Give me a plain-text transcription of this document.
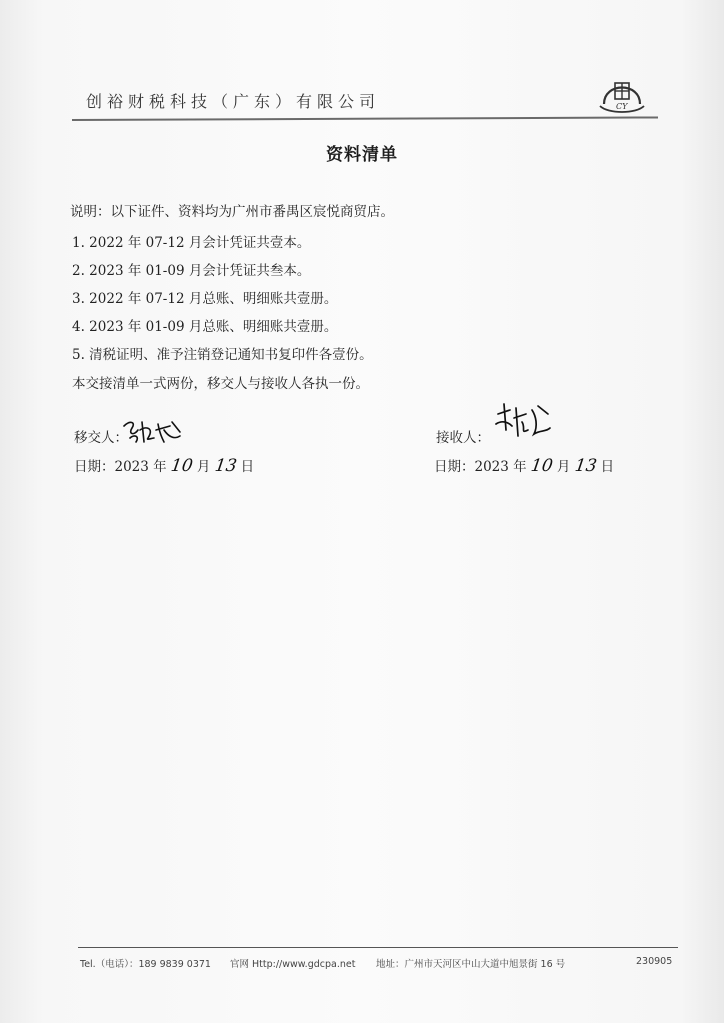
创裕财税科技（广东）有限公司	CY
资料清单
说明：以下证件、资料均为广州市番禺区宸悦商贸店。
1. 2022 年 07-12 月会计凭证共壹本。
2. 2023 年 01-09 月会计凭证共叁本。
3. 2022 年 07-12 月总账、明细账共壹册。
4. 2023 年 01-09 月总账、明细账共壹册。
5. 清税证明、准予注销登记通知书复印件各壹份。
本交接清单一式两份，移交人与接收人各执一份。
移交人：
日期：2023 年 10 月 13 日
接收人：
日期：2023 年 10 月 13 日
Tel.（电话）：189 9839 0371 官网 Http://www.gdcpa.net 地址：广州市天河区中山大道中旭景街 16 号	230905
